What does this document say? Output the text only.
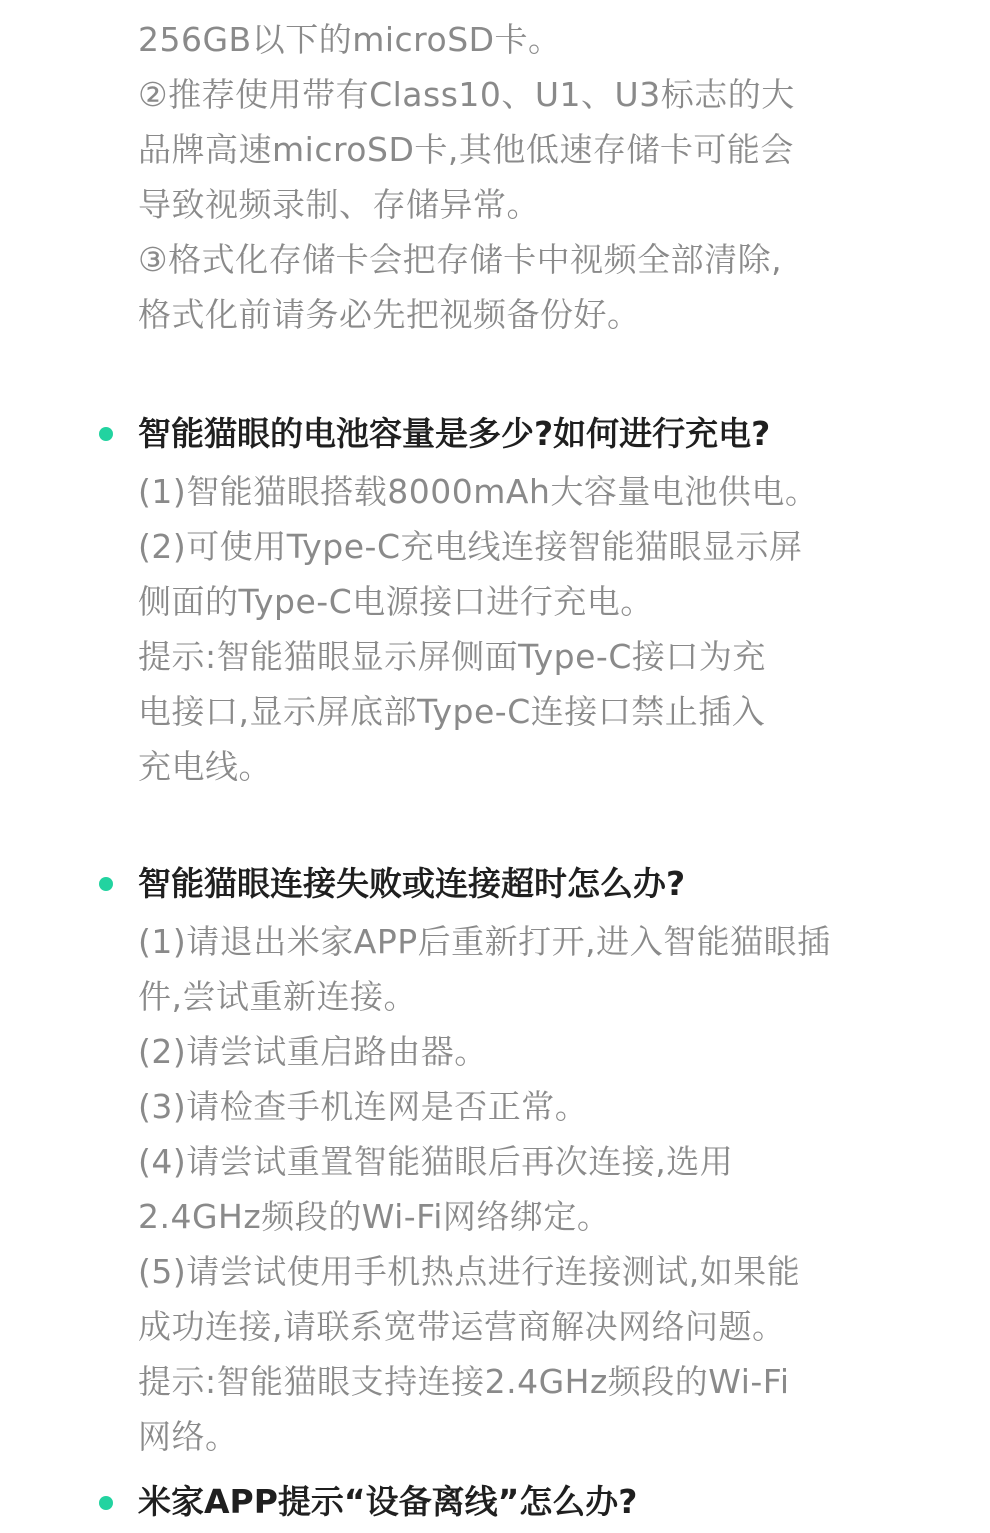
256GB以下的microSD卡。
②推荐使用带有Class10、U1、U3标志的大
品牌高速microSD卡,其他低速存储卡可能会
导致视频录制、存储异常。
③格式化存储卡会把存储卡中视频全部清除,
格式化前请务必先把视频备份好。
智能猫眼的电池容量是多少?如何进行充电?
(1)智能猫眼搭载8000mAh大容量电池供电。
(2)可使用Type-C充电线连接智能猫眼显示屏
侧面的Type-C电源接口进行充电。
提示:智能猫眼显示屏侧面Type-C接口为充
电接口,显示屏底部Type-C连接口禁止插入
充电线。
智能猫眼连接失败或连接超时怎么办?
(1)请退出米家APP后重新打开,进入智能猫眼插
件,尝试重新连接。
(2)请尝试重启路由器。
(3)请检查手机连网是否正常。
(4)请尝试重置智能猫眼后再次连接,选用
2.4GHz频段的Wi-Fi网络绑定。
(5)请尝试使用手机热点进行连接测试,如果能
成功连接,请联系宽带运营商解决网络问题。
提示:智能猫眼支持连接2.4GHz频段的Wi-Fi
网络。
米家APP提示“设备离线”怎么办?
